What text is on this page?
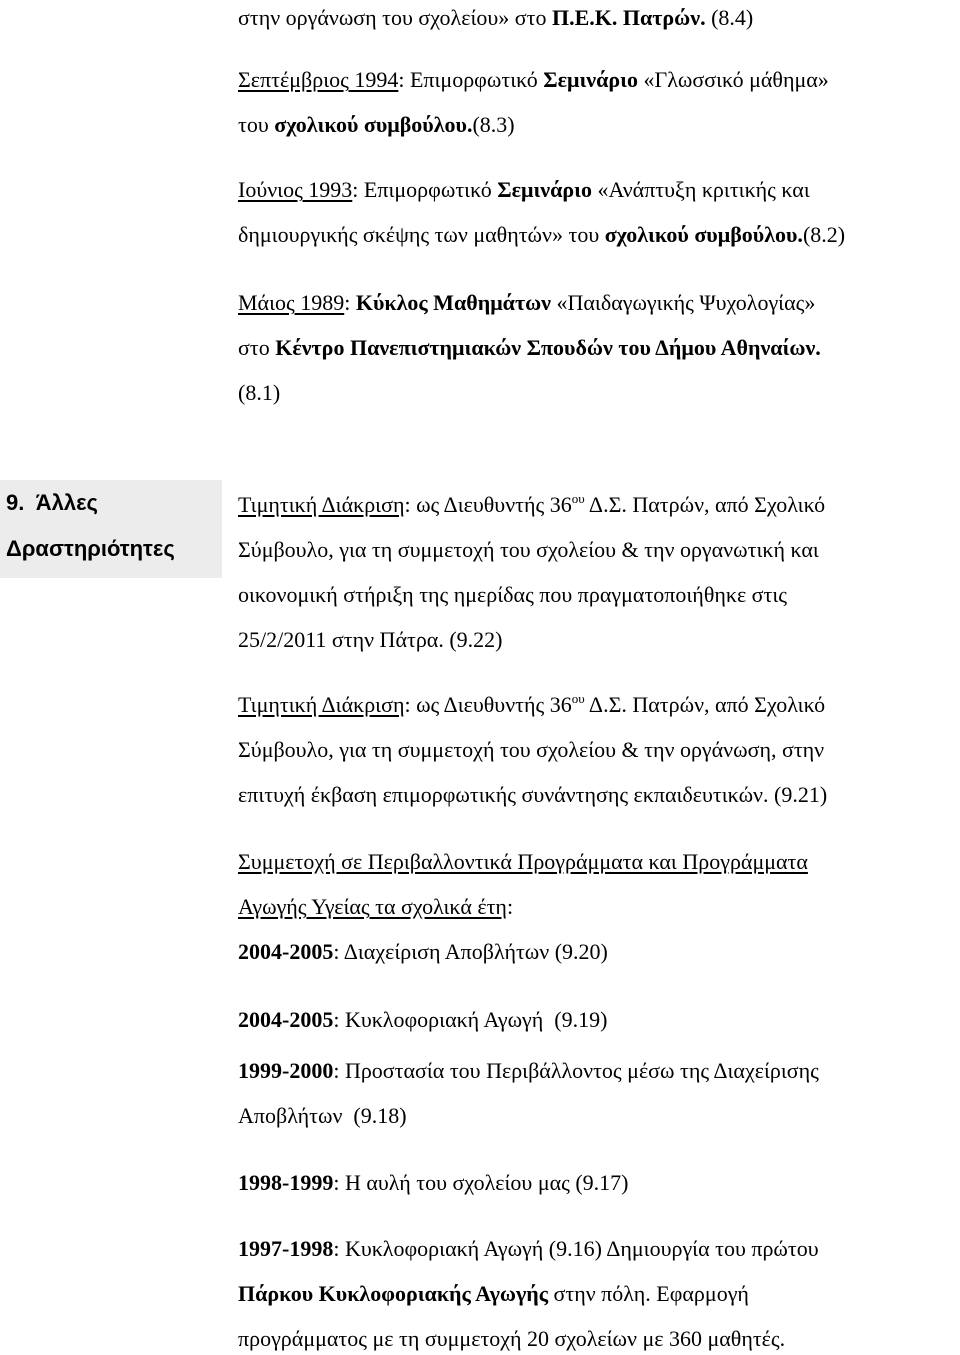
στην οργάνωση του σχολείου» στο Π.Ε.Κ. Πατρών. (8.4)
Σεπτέμβριος 1994: Επιμορφωτικό Σεμινάριο «Γλωσσικό μάθημα»
του σχολικού συμβούλου.(8.3)
Ιούνιος 1993: Επιμορφωτικό Σεμινάριο «Ανάπτυξη κριτικής και
δημιουργικής σκέψης των μαθητών» του σχολικού συμβούλου.(8.2)
Μάιος 1989: Κύκλος Μαθημάτων «Παιδαγωγικής Ψυχολογίας»
στο Κέντρο Πανεπιστημιακών Σπουδών του Δήμου Αθηναίων.
(8.1)
9.  Άλλες
Δραστηριότητες
Τιμητική Διάκριση: ως Διευθυντής $36^{o\upsilon}$ Δ.Σ. Πατρών, από Σχολικό
Σύμβουλο, για τη συμμετοχή του σχολείου & την οργανωτική και
οικονομική στήριξη της ημερίδας που πραγματοποιήθηκε στις
25/2/2011 στην Πάτρα. (9.22)
Τιμητική Διάκριση: ως Διευθυντής $36^{o\upsilon}$ Δ.Σ. Πατρών, από Σχολικό
Σύμβουλο, για τη συμμετοχή του σχολείου & την οργάνωση, στην
επιτυχή έκβαση επιμορφωτικής συνάντησης εκπαιδευτικών. (9.21)
Συμμετοχή σε Περιβαλλοντικά Προγράμματα και Προγράμματα
Αγωγής Υγείας τα σχολικά έτη:
2004-2005: Διαχείριση Αποβλήτων (9.20)
2004-2005: Κυκλοφοριακή Αγωγή  (9.19)
1999-2000: Προστασία του Περιβάλλοντος μέσω της Διαχείρισης
Αποβλήτων  (9.18)
1998-1999: Η αυλή του σχολείου μας (9.17)
1997-1998: Κυκλοφοριακή Αγωγή (9.16) Δημιουργία του πρώτου
Πάρκου Κυκλοφοριακής Αγωγής στην πόλη. Εφαρμογή
προγράμματος με τη συμμετοχή 20 σχολείων με 360 μαθητές.
